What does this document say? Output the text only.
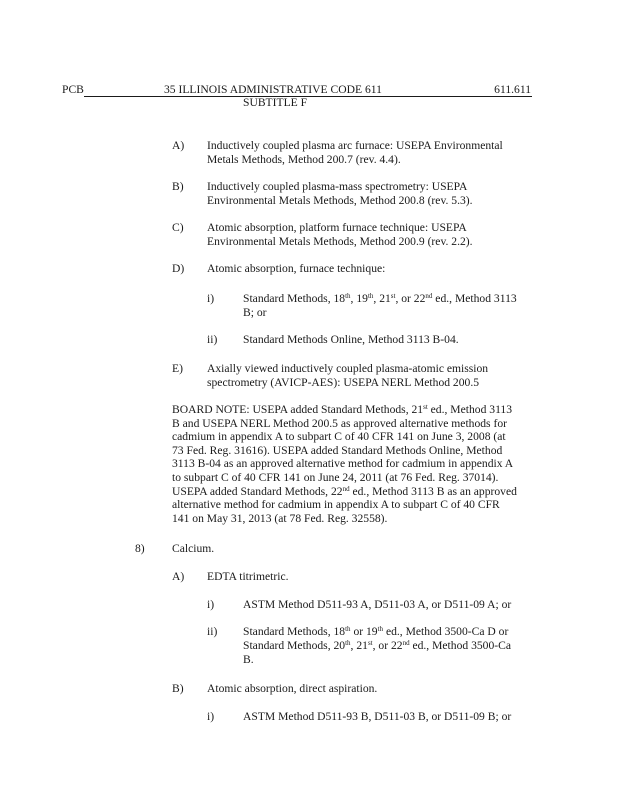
PCB	35 ILLINOIS ADMINISTRATIVE CODE 611
SUBTITLE F
611.611
A) Inductively coupled plasma arc furnace: USEPA Environmental
Metals Methods, Method 200.7 (rev. 4.4).
B) Inductively coupled plasma-mass spectrometry: USEPA
Environmental Metals Methods, Method 200.8 (rev. 5.3).
C) Atomic absorption, platform furnace technique: USEPA
Environmental Metals Methods, Method 200.9 (rev. 2.2).
D) Atomic absorption, furnace technique:
i) Standard Methods, 18th, 19th, 21st, or 22nd ed., Method 3113
B; or
ii) Standard Methods Online, Method 3113 B-04.
E) Axially viewed inductively coupled plasma-atomic emission
spectrometry (AVICP-AES): USEPA NERL Method 200.5
BOARD NOTE: USEPA added Standard Methods, 21st ed., Method 3113
B and USEPA NERL Method 200.5 as approved alternative methods for
cadmium in appendix A to subpart C of 40 CFR 141 on June 3, 2008 (at
73 Fed. Reg. 31616). USEPA added Standard Methods Online, Method
3113 B-04 as an approved alternative method for cadmium in appendix A
to subpart C of 40 CFR 141 on June 24, 2011 (at 76 Fed. Reg. 37014).
USEPA added Standard Methods, 22nd ed., Method 3113 B as an approved
alternative method for cadmium in appendix A to subpart C of 40 CFR
141 on May 31, 2013 (at 78 Fed. Reg. 32558).
8) Calcium.
A) EDTA titrimetric.
i) ASTM Method D511-93 A, D511-03 A, or D511-09 A; or
ii) Standard Methods, 18th or 19th ed., Method 3500-Ca D or
Standard Methods, 20th, 21st, or 22nd ed., Method 3500-Ca
B.
B) Atomic absorption, direct aspiration.
i) ASTM Method D511-93 B, D511-03 B, or D511-09 B; or
